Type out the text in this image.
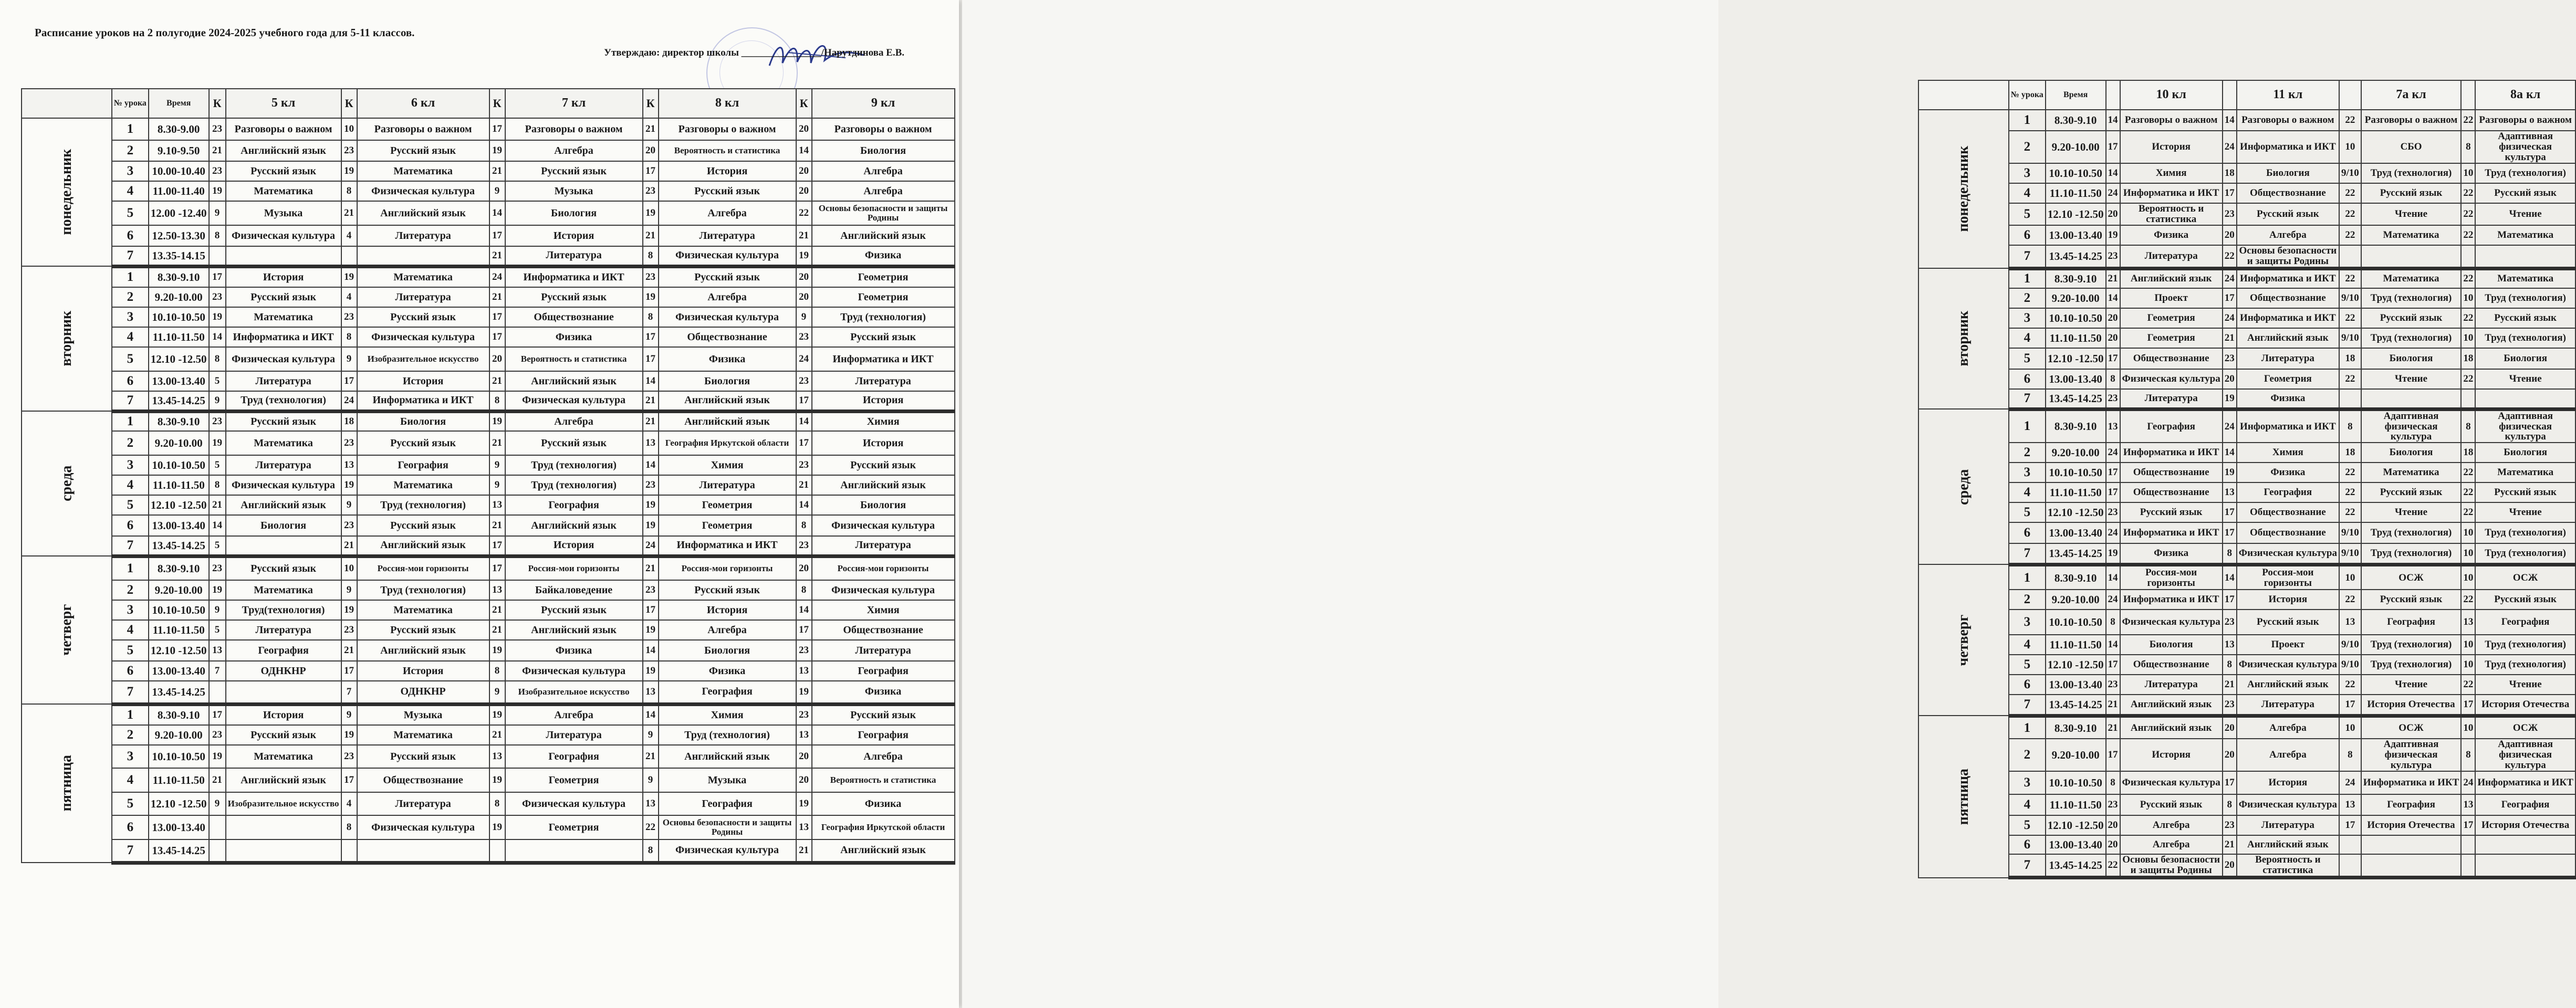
Расписание уроков на 2 полугодие 2024-2025 учебного года для 5-11 классов.
Утверждаю: директор школы ________________/Нарутдинова Е.В.
	№ урока	Время	К	5 кл	К	6 кл	К	7 кл	К	8 кл	К	9 кл
понедельник	1	8.30-9.00	23	Разговоры о важном	10	Разговоры о важном	17	Разговоры о важном	21	Разговоры о важном	20	Разговоры о важном
	2	9.10-9.50	21	Английский язык	23	Русский язык	19	Алгебра	20	Вероятность и статистика	14	Биология
	3	10.00-10.40	23	Русский язык	19	Математика	21	Русский язык	17	История	20	Алгебра
	4	11.00-11.40	19	Математика	8	Физическая культура	9	Музыка	23	Русский язык	20	Алгебра
	5	12.00 -12.40	9	Музыка	21	Английский язык	14	Биология	19	Алгебра	22	Основы безопасности и защиты Родины
	6	12.50-13.30	8	Физическая культура	4	Литература	17	История	21	Литература	21	Английский язык
	7	13.35-14.15					21	Литература	8	Физическая культура	19	Физика
вторник	1	8.30-9.10	17	История	19	Математика	24	Информатика и ИКТ	23	Русский язык	20	Геометрия
	2	9.20-10.00	23	Русский язык	4	Литература	21	Русский язык	19	Алгебра	20	Геометрия
	3	10.10-10.50	19	Математика	23	Русский язык	17	Обществознание	8	Физическая культура	9	Труд (технология)
	4	11.10-11.50	14	Информатика и ИКТ	8	Физическая культура	17	Физика	17	Обществознание	23	Русский язык
	5	12.10 -12.50	8	Физическая культура	9	Изобразительное искусство	20	Вероятность и статистика	17	Физика	24	Информатика и ИКТ
	6	13.00-13.40	5	Литература	17	История	21	Английский язык	14	Биология	23	Литература
	7	13.45-14.25	9	Труд (технология)	24	Информатика и ИКТ	8	Физическая культура	21	Английский язык	17	История
среда	1	8.30-9.10	23	Русский язык	18	Биология	19	Алгебра	21	Английский язык	14	Химия
	2	9.20-10.00	19	Математика	23	Русский язык	21	Русский язык	13	География Иркутской области	17	История
	3	10.10-10.50	5	Литература	13	География	9	Труд (технология)	14	Химия	23	Русский язык
	4	11.10-11.50	8	Физическая культура	19	Математика	9	Труд (технология)	23	Литература	21	Английский язык
	5	12.10 -12.50	21	Английский язык	9	Труд (технология)	13	География	19	Геометрия	14	Биология
	6	13.00-13.40	14	Биология	23	Русский язык	21	Английский язык	19	Геометрия	8	Физическая культура
	7	13.45-14.25	5		21	Английский язык	17	История	24	Информатика и ИКТ	23	Литература
четверг	1	8.30-9.10	23	Русский язык	10	Россия-мои горизонты	17	Россия-мои горизонты	21	Россия-мои горизонты	20	Россия-мои горизонты
	2	9.20-10.00	19	Математика	9	Труд (технология)	13	Байкаловедение	23	Русский язык	8	Физическая культура
	3	10.10-10.50	9	Труд(технология)	19	Математика	21	Русский язык	17	История	14	Химия
	4	11.10-11.50	5	Литература	23	Русский язык	21	Английский язык	19	Алгебра	17	Обществознание
	5	12.10 -12.50	13	География	21	Английский язык	19	Физика	14	Биология	23	Литература
	6	13.00-13.40	7	ОДНКНР	17	История	8	Физическая культура	19	Физика	13	География
	7	13.45-14.25			7	ОДНКНР	9	Изобразительное искусство	13	География	19	Физика
пятница	1	8.30-9.10	17	История	9	Музыка	19	Алгебра	14	Химия	23	Русский язык
	2	9.20-10.00	23	Русский язык	19	Математика	21	Литература	9	Труд (технология)	13	География
	3	10.10-10.50	19	Математика	23	Русский язык	13	География	21	Английский язык	20	Алгебра
	4	11.10-11.50	21	Английский язык	17	Обществознание	19	Геометрия	9	Музыка	20	Вероятность и статистика
	5	12.10 -12.50	9	Изобразительное искусство	4	Литература	8	Физическая культура	13	География	19	Физика
	6	13.00-13.40			8	Физическая культура	19	Геометрия	22	Основы безопасности и защиты Родины	13	География Иркутской области
	7	13.45-14.25							8	Физическая культура	21	Английский язык
	№ урока	Время		10 кл		11 кл		7а кл		8а кл
понедельник	1	8.30-9.10	14	Разговоры о важном	14	Разговоры о важном	22	Разговоры о важном	22	Разговоры о важном
	2	9.20-10.00	17	История	24	Информатика и ИКТ	10	СБО	8	Адаптивная физическая культура
	3	10.10-10.50	14	Химия	18	Биология	9/10	Труд (технология)	10	Труд (технология)
	4	11.10-11.50	24	Информатика и ИКТ	17	Обществознание	22	Русский язык	22	Русский язык
	5	12.10 -12.50	20	Вероятность и статистика	23	Русский язык	22	Чтение	22	Чтение
	6	13.00-13.40	19	Физика	20	Алгебра	22	Математика	22	Математика
	7	13.45-14.25	23	Литература	22	Основы безопасности и защиты Родины				
вторник	1	8.30-9.10	21	Английский язык	24	Информатика и ИКТ	22	Математика	22	Математика
	2	9.20-10.00	14	Проект	17	Обществознание	9/10	Труд (технология)	10	Труд (технология)
	3	10.10-10.50	20	Геометрия	24	Информатика и ИКТ	22	Русский язык	22	Русский язык
	4	11.10-11.50	20	Геометрия	21	Английский язык	9/10	Труд (технология)	10	Труд (технология)
	5	12.10 -12.50	17	Обществознание	23	Литература	18	Биология	18	Биология
	6	13.00-13.40	8	Физическая культура	20	Геометрия	22	Чтение	22	Чтение
	7	13.45-14.25	23	Литература	19	Физика				
среда	1	8.30-9.10	13	География	24	Информатика и ИКТ	8	Адаптивная физическая культура	8	Адаптивная физическая культура
	2	9.20-10.00	24	Информатика и ИКТ	14	Химия	18	Биология	18	Биология
	3	10.10-10.50	17	Обществознание	19	Физика	22	Математика	22	Математика
	4	11.10-11.50	17	Обществознание	13	География	22	Русский язык	22	Русский язык
	5	12.10 -12.50	23	Русский язык	17	Обществознание	22	Чтение	22	Чтение
	6	13.00-13.40	24	Информатика и ИКТ	17	Обществознание	9/10	Труд (технология)	10	Труд (технология)
	7	13.45-14.25	19	Физика	8	Физическая культура	9/10	Труд (технология)	10	Труд (технология)
четверг	1	8.30-9.10	14	Россия-мои горизонты	14	Россия-мои горизонты	10	ОСЖ	10	ОСЖ
	2	9.20-10.00	24	Информатика и ИКТ	17	История	22	Русский язык	22	Русский язык
	3	10.10-10.50	8	Физическая культура	23	Русский язык	13	География	13	География
	4	11.10-11.50	14	Биология	13	Проект	9/10	Труд (технология)	10	Труд (технология)
	5	12.10 -12.50	17	Обществознание	8	Физическая культура	9/10	Труд (технология)	10	Труд (технология)
	6	13.00-13.40	23	Литература	21	Английский язык	22	Чтение	22	Чтение
	7	13.45-14.25	21	Английский язык	23	Литература	17	История Отечества	17	История Отечества
пятница	1	8.30-9.10	21	Английский язык	20	Алгебра	10	ОСЖ	10	ОСЖ
	2	9.20-10.00	17	История	20	Алгебра	8	Адаптивная физическая культура	8	Адаптивная физическая культура
	3	10.10-10.50	8	Физическая культура	17	История	24	Информатика и ИКТ	24	Информатика и ИКТ
	4	11.10-11.50	23	Русский язык	8	Физическая культура	13	География	13	География
	5	12.10 -12.50	20	Алгебра	23	Литература	17	История Отечества	17	История Отечества
	6	13.00-13.40	20	Алгебра	21	Английский язык				
	7	13.45-14.25	22	Основы безопасности и защиты Родины	20	Вероятность и статистика				
